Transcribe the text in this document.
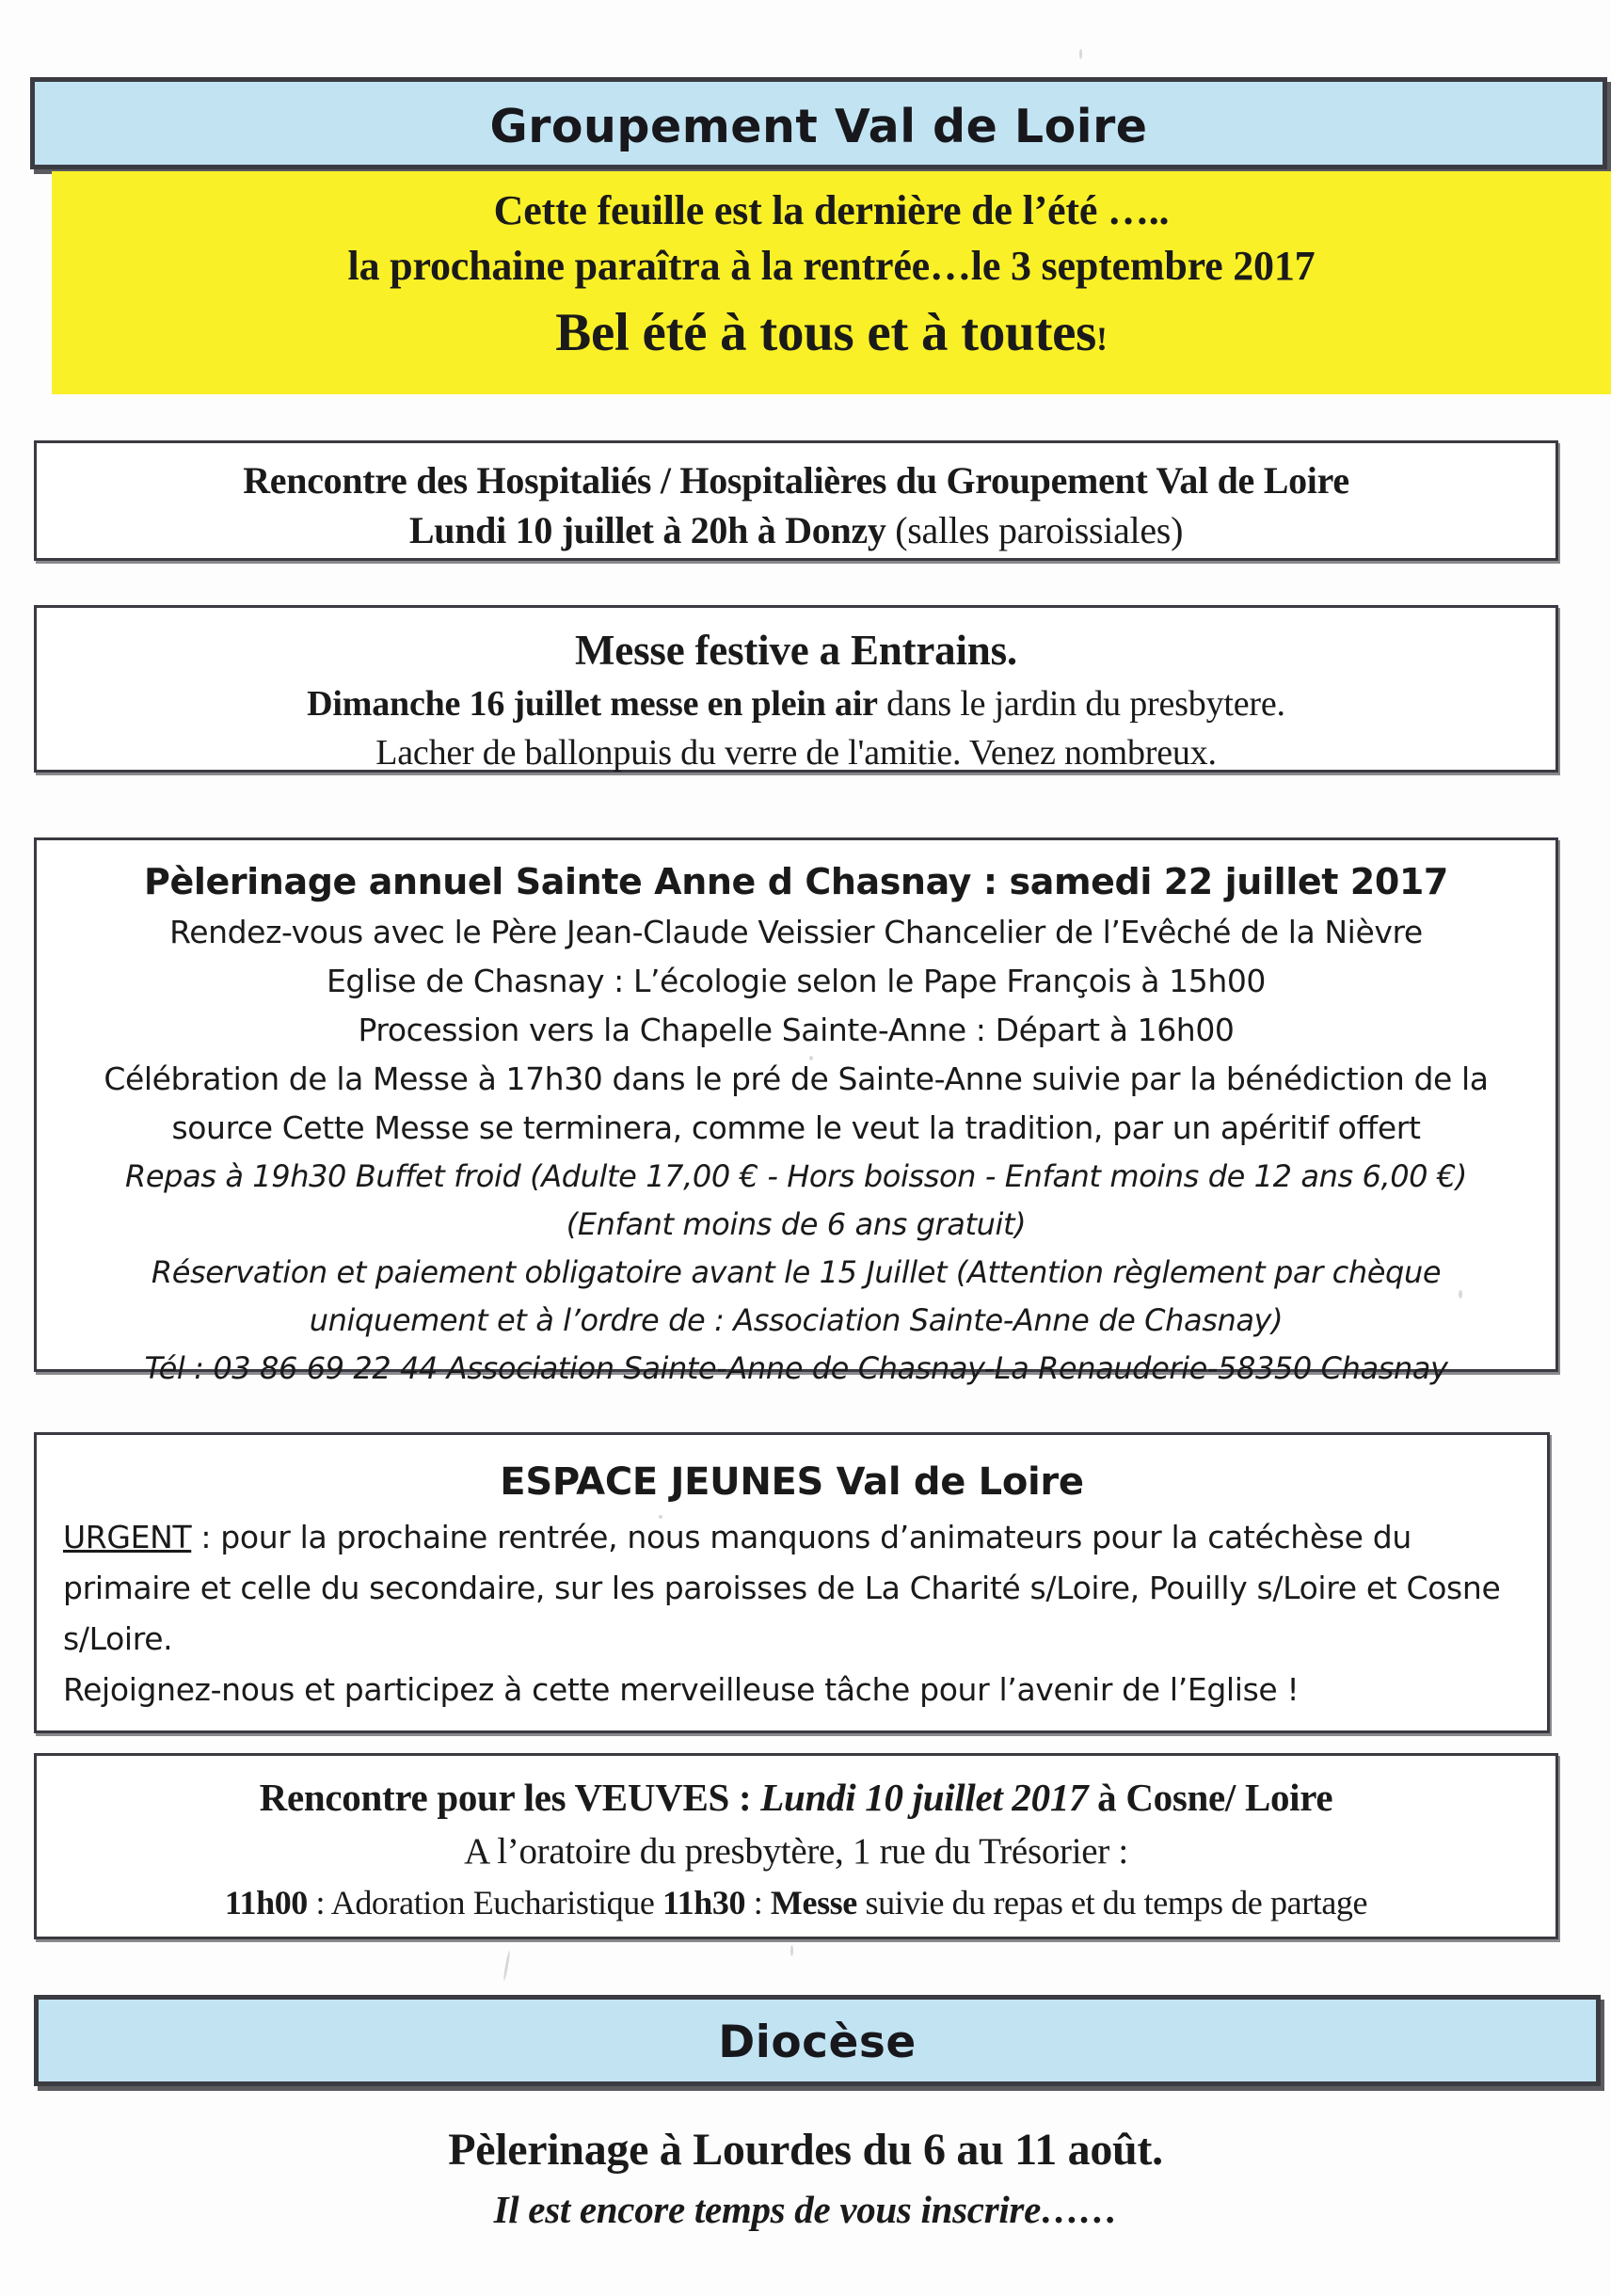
Groupement Val de Loire
Cette feuille est la dernière de l’été …..
la prochaine paraîtra à la rentrée…le 3 septembre 2017
Bel été à tous et à toutes!
Rencontre des Hospitaliés / Hospitalières du Groupement Val de Loire
Lundi 10 juillet à 20h à Donzy (salles paroissiales)
Messe festive a Entrains.
Dimanche 16 juillet messe en plein air dans le jardin du presbytere.
Lacher de ballonpuis du verre de l'amitie. Venez nombreux.
Pèlerinage annuel Sainte Anne d Chasnay : samedi 22 juillet 2017
Rendez-vous avec le Père Jean-Claude Veissier Chancelier de l’Evêché de la Nièvre
Eglise de Chasnay : L’écologie selon le Pape François à 15h00
Procession vers la Chapelle Sainte-Anne : Départ à 16h00
Célébration de la Messe à 17h30 dans le pré de Sainte-Anne suivie par la bénédiction de la
source Cette Messe se terminera, comme le veut la tradition, par un apéritif offert
Repas à 19h30 Buffet froid (Adulte 17,00 € - Hors boisson - Enfant moins de 12 ans 6,00 €)
(Enfant moins de 6 ans gratuit)
Réservation et paiement obligatoire avant le 15 Juillet (Attention règlement par chèque
uniquement et à l’ordre de : Association Sainte-Anne de Chasnay)
Tél : 03 86 69 22 44 Association Sainte-Anne de Chasnay-La Renauderie-58350 Chasnay
ESPACE JEUNES Val de Loire
URGENT : pour la prochaine rentrée, nous manquons d’animateurs pour la catéchèse du primaire et celle du secondaire, sur les paroisses de La Charité s/Loire, Pouilly s/Loire et Cosne s/Loire.
Rejoignez-nous et participez à cette merveilleuse tâche pour l’avenir de l’Eglise !
Rencontre pour les VEUVES : Lundi 10 juillet 2017 à Cosne/ Loire
A l’oratoire du presbytère, 1 rue du Trésorier :
11h00 : Adoration Eucharistique 11h30 : Messe suivie du repas et du temps de partage
Diocèse
Pèlerinage à Lourdes du 6 au 11 août.
Il est encore temps de vous inscrire……
